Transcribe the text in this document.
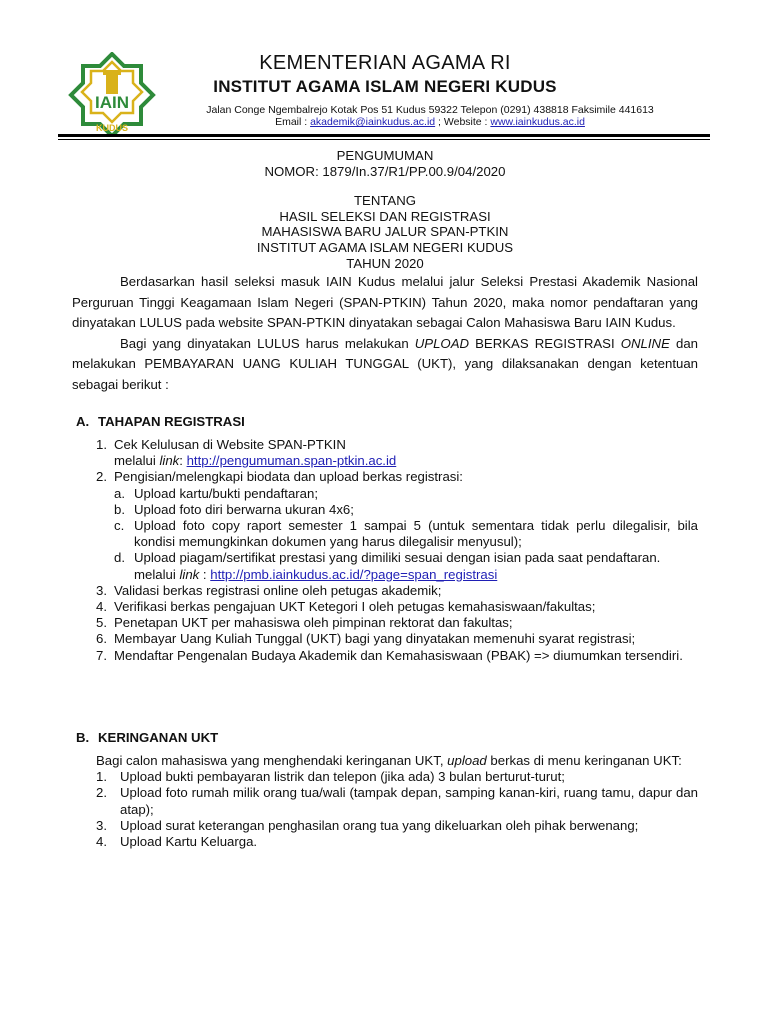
IAIN
KUDUS
KEMENTERIAN AGAMA RI
INSTITUT AGAMA ISLAM NEGERI KUDUS
Jalan Conge Ngembalrejo Kotak Pos 51 Kudus 59322 Telepon (0291) 438818 Faksimile 441613
Email : akademik@iainkudus.ac.id ; Website : www.iainkudus.ac.id
PENGUMUMAN
NOMOR: 1879/In.37/R1/PP.00.9/04/2020
TENTANG
HASIL SELEKSI DAN REGISTRASI
MAHASISWA BARU JALUR SPAN-PTKIN
INSTITUT AGAMA ISLAM NEGERI KUDUS
TAHUN 2020

Berdasarkan hasil seleksi masuk IAIN Kudus melalui jalur Seleksi Prestasi Akademik Nasional Perguruan Tinggi Keagamaan Islam Negeri (SPAN-PTKIN) Tahun 2020, maka nomor pendaftaran yang dinyatakan LULUS pada website SPAN-PTKIN dinyatakan sebagai Calon Mahasiswa Baru IAIN Kudus.

Bagi yang dinyatakan LULUS harus melakukan UPLOAD BERKAS REGISTRASI ONLINE dan melakukan PEMBAYARAN UANG KULIAH TUNGGAL (UKT), yang dilaksanakan dengan ketentuan sebagai berikut :

A. TAHAPAN REGISTRASI

1. Cek Kelulusan di Website SPAN-PTKIN

melalui link: http://pengumuman.span-ptkin.ac.id

2. Pengisian/melengkapi biodata dan upload berkas registrasi:

a. Upload kartu/bukti pendaftaran;

b. Upload foto diri berwarna ukuran 4x6;

c. Upload foto copy raport semester 1 sampai 5 (untuk sementara tidak perlu dilegalisir, bila kondisi memungkinkan dokumen yang harus dilegalisir menyusul);

d. Upload piagam/sertifikat prestasi yang dimiliki sesuai dengan isian pada saat pendaftaran.

melalui link : http://pmb.iainkudus.ac.id/?page=span_registrasi

3. Validasi berkas registrasi online oleh petugas akademik;

4. Verifikasi berkas pengajuan UKT Ketegori I oleh petugas kemahasiswaan/fakultas;

5. Penetapan UKT per mahasiswa oleh pimpinan rektorat dan fakultas;

6. Membayar Uang Kuliah Tunggal (UKT) bagi yang dinyatakan memenuhi syarat registrasi;

7. Mendaftar Pengenalan Budaya Akademik dan Kemahasiswaan (PBAK) => diumumkan tersendiri.

B. KERINGANAN UKT

Bagi calon mahasiswa yang menghendaki keringanan UKT, upload berkas di menu keringanan UKT:

1. Upload bukti pembayaran listrik dan telepon (jika ada) 3 bulan berturut-turut;

2. Upload foto rumah milik orang tua/wali (tampak depan, samping kanan-kiri, ruang tamu, dapur dan atap);

3. Upload surat keterangan penghasilan orang tua yang dikeluarkan oleh pihak berwenang;

4. Upload Kartu Keluarga.
